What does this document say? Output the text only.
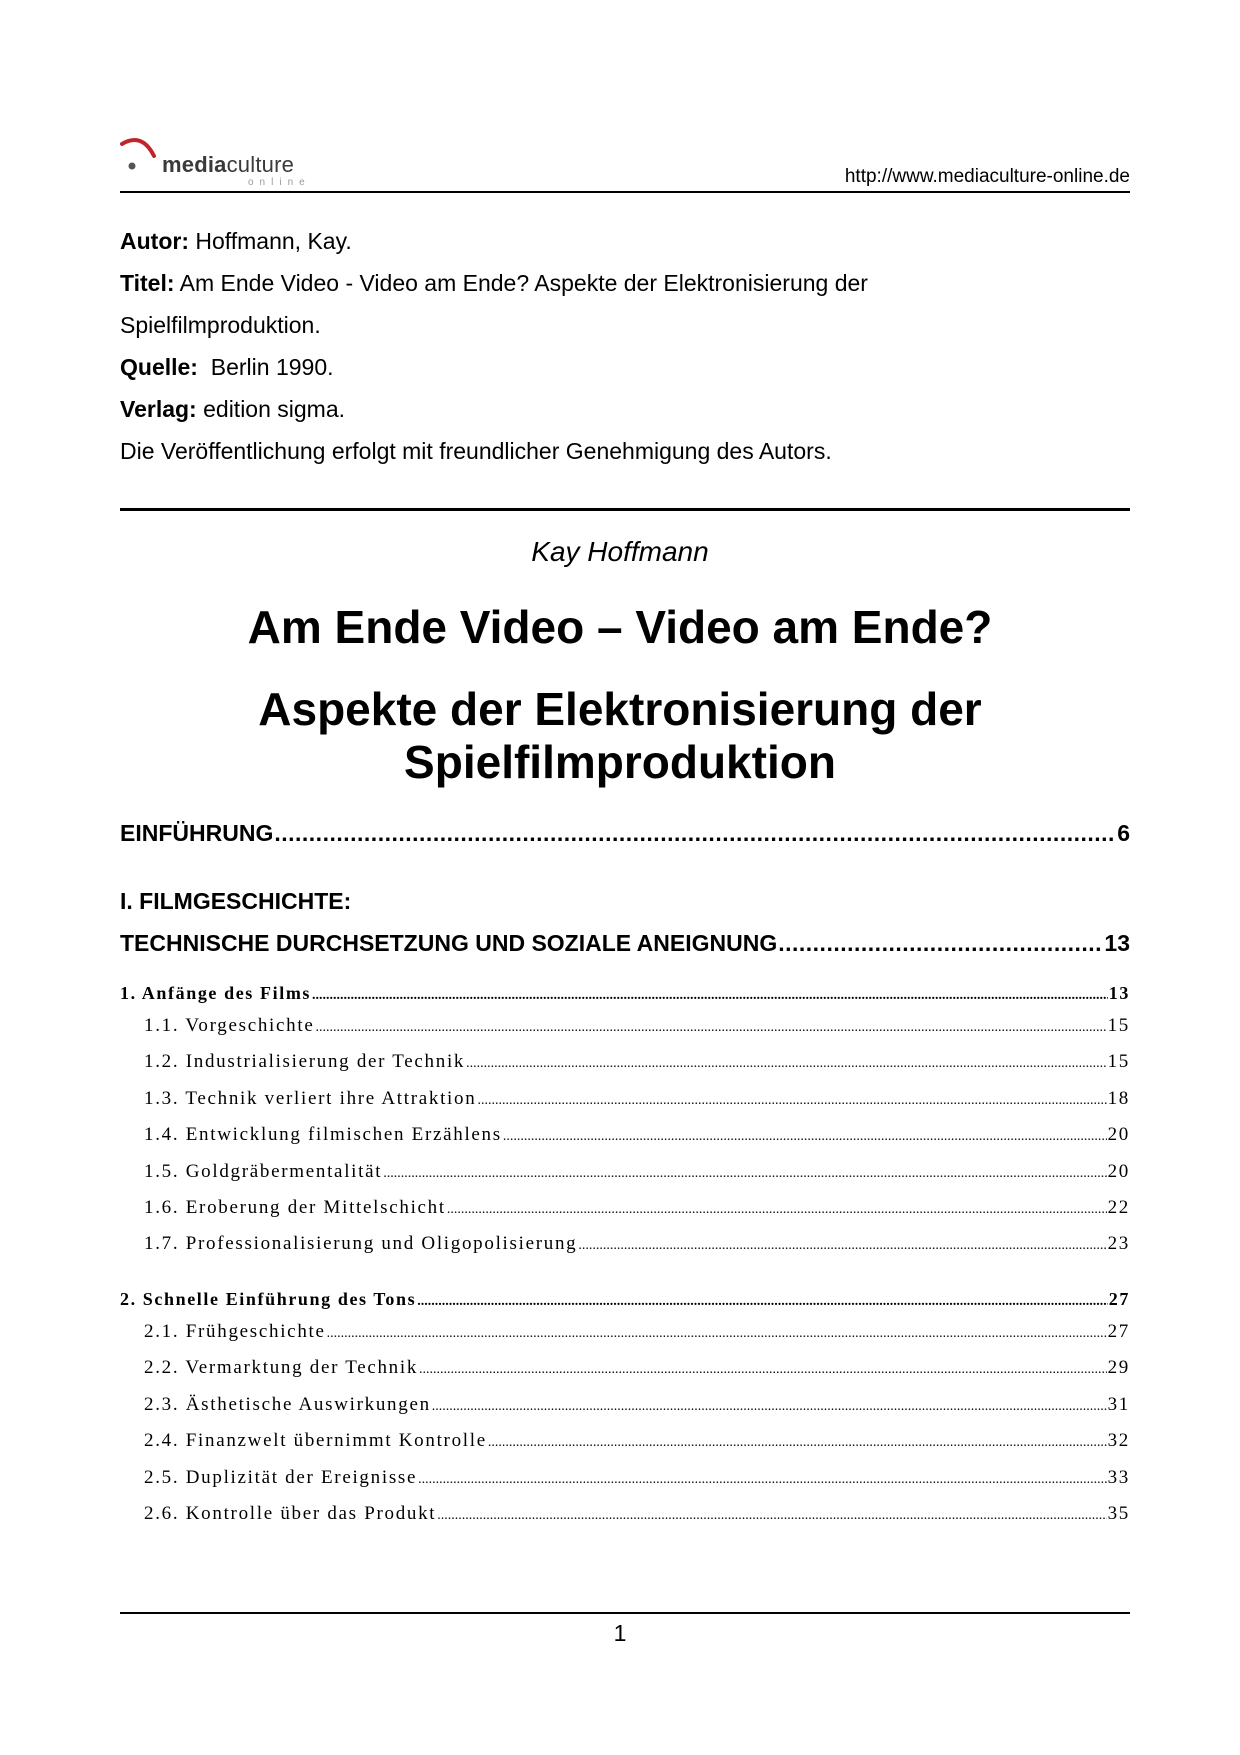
mediaculture
online	http://www.mediaculture-online.de
Autor: Hoffmann, Kay.
Titel: Am Ende Video - Video am Ende? Aspekte der Elektronisierung der
Spielfilmproduktion.
Quelle:  Berlin 1990.
Verlag: edition sigma.
Die Veröffentlichung erfolgt mit freundlicher Genehmigung des Autors.
Kay Hoffmann
Am Ende Video – Video am Ende?
Aspekte der Elektronisierung der Spielfilmproduktion
EINFÜHRUNG .....	6
I. FILMGESCHICHTE:
TECHNISCHE DURCHSETZUNG UND SOZIALE ANEIGNUNG .....	13
1. Anfänge des Films .....	13
1.1. Vorgeschichte .....	15
1.2. Industrialisierung der Technik .....	15
1.3. Technik verliert ihre Attraktion .....	18
1.4. Entwicklung filmischen Erzählens .....	20
1.5. Goldgräbermentalität .....	20
1.6. Eroberung der Mittelschicht .....	22
1.7. Professionalisierung und Oligopolisierung .....	23
2. Schnelle Einführung des Tons .....	27
2.1. Frühgeschichte .....	27
2.2. Vermarktung der Technik .....	29
2.3. Ästhetische Auswirkungen .....	31
2.4. Finanzwelt übernimmt Kontrolle .....	32
2.5. Duplizität der Ereignisse .....	33
2.6. Kontrolle über das Produkt .....	35
1
